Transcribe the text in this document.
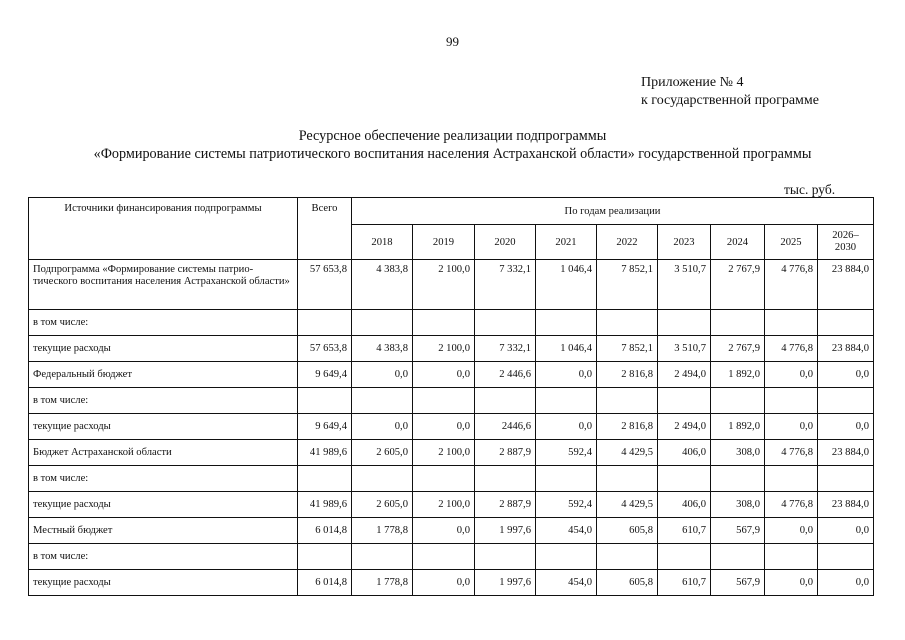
99
Приложение № 4
к государственной программе
Ресурсное обеспечение реализации подпрограммы
«Формирование системы патриотического воспитания населения Астраханской области» государственной программы
тыс. руб.
Источники финансирования подпрограммы	Всего	По годам реализации								
		2018	2019	2020	2021	2022	2023	2024	2025	2026–
2030

Подпрограмма «Формирование системы патрио-тического воспитания населения Астраханской области»	57 653,8	4 383,8	2 100,0	7 332,1	1 046,4	7 852,1	3 510,7	2 767,9	4 776,8	23 884,0
в том числе:										
текущие расходы	57 653,8	4 383,8	2 100,0	7 332,1	1 046,4	7 852,1	3 510,7	2 767,9	4 776,8	23 884,0
Федеральный бюджет	9 649,4	0,0	0,0	2 446,6	0,0	2 816,8	2 494,0	1 892,0	0,0	0,0
в том числе:										
текущие расходы	9 649,4	0,0	0,0	2446,6	0,0	2 816,8	2 494,0	1 892,0	0,0	0,0
Бюджет Астраханской области	41 989,6	2 605,0	2 100,0	2 887,9	592,4	4 429,5	406,0	308,0	4 776,8	23 884,0
в том числе:										
текущие расходы	41 989,6	2 605,0	2 100,0	2 887,9	592,4	4 429,5	406,0	308,0	4 776,8	23 884,0
Местный бюджет	6 014,8	1 778,8	0,0	1 997,6	454,0	605,8	610,7	567,9	0,0	0,0
в том числе:										
текущие расходы	6 014,8	1 778,8	0,0	1 997,6	454,0	605,8	610,7	567,9	0,0	0,0
